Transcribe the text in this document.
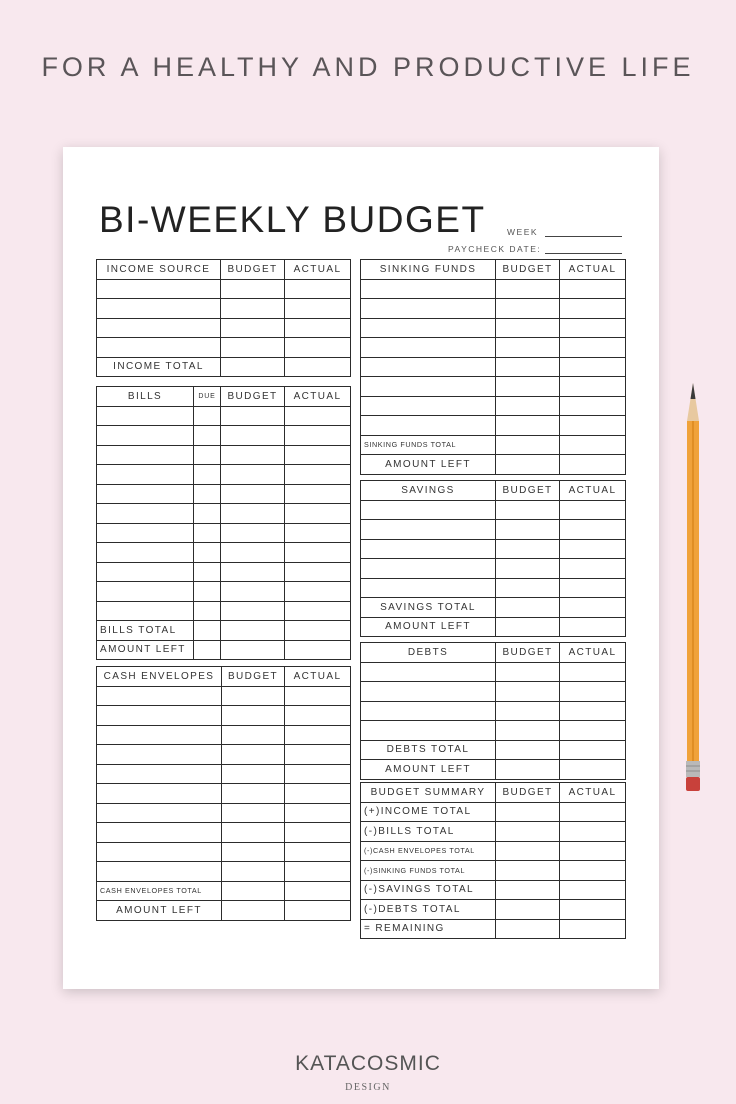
FOR A HEALTHY AND PRODUCTIVE LIFE
BI-WEEKLY BUDGET	WEEK
PAYCHECK DATE:
INCOME SOURCE	BUDGET	ACTUAL

INCOME TOTAL		
BILLS	DUE	BUDGET	ACTUAL

BILLS TOTAL			
AMOUNT LEFT			
CASH ENVELOPES	BUDGET	ACTUAL

CASH ENVELOPES TOTAL		
AMOUNT LEFT		
SINKING FUNDS	BUDGET	ACTUAL

SINKING FUNDS TOTAL		
AMOUNT LEFT		
SAVINGS	BUDGET	ACTUAL

SAVINGS TOTAL		
AMOUNT LEFT		
DEBTS	BUDGET	ACTUAL

DEBTS TOTAL		
AMOUNT LEFT		
BUDGET SUMMARY	BUDGET	ACTUAL
(+)INCOME TOTAL		
(-)BILLS TOTAL		
(-)CASH ENVELOPES TOTAL		
(-)SINKING FUNDS TOTAL		
(-)SAVINGS TOTAL		
(-)DEBTS TOTAL		
= REMAINING		
KATACOSMIC
DESIGN
